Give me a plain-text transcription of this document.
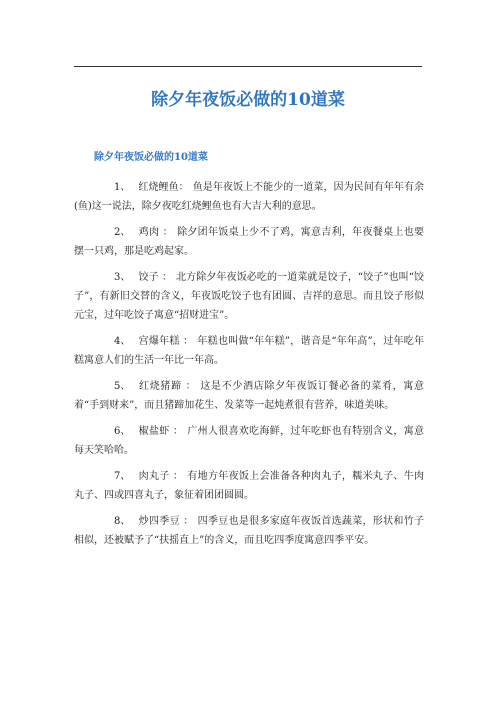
除夕年夜饭必做的10道菜
除夕年夜饭必做的10道菜

1、 红烧鲤鱼： 鱼是年夜饭上不能少的一道菜，因为民间有年年有余(鱼)这一说法，除夕夜吃红烧鲤鱼也有大吉大利的意思。

2、 鸡肉 ： 除夕团年饭桌上少不了鸡，寓意吉利，年夜餐桌上也要摆一只鸡，那是吃鸡起家。

3、 饺子 ： 北方除夕年夜饭必吃的一道菜就是饺子，“饺子”也叫“饺子”，有新旧交替的含义，年夜饭吃饺子也有团圆、吉祥的意思。而且饺子形似元宝，过年吃饺子寓意“招财进宝”。

4、 宫爆年糕 ： 年糕也叫做“年年糕”，谐音是“年年高”，过年吃年糕寓意人们的生活一年比一年高。

5、 红烧猪蹄 ： 这是不少酒店除夕年夜饭订餐必备的菜肴，寓意着“手到财来”，而且猪蹄加花生、发菜等一起炖煮很有营养，味道美味。

6、 椒盐虾 ： 广州人很喜欢吃海鲜，过年吃虾也有特别含义，寓意每天笑哈哈。

7、 肉丸子 ： 有地方年夜饭上会准备各种肉丸子，糯米丸子、牛肉丸子、四或四喜丸子，象征着团团圆圆。

8、 炒四季豆 ： 四季豆也是很多家庭年夜饭首选蔬菜，形状和竹子相似，还被赋予了“扶摇直上”的含义，而且吃四季度寓意四季平安。
